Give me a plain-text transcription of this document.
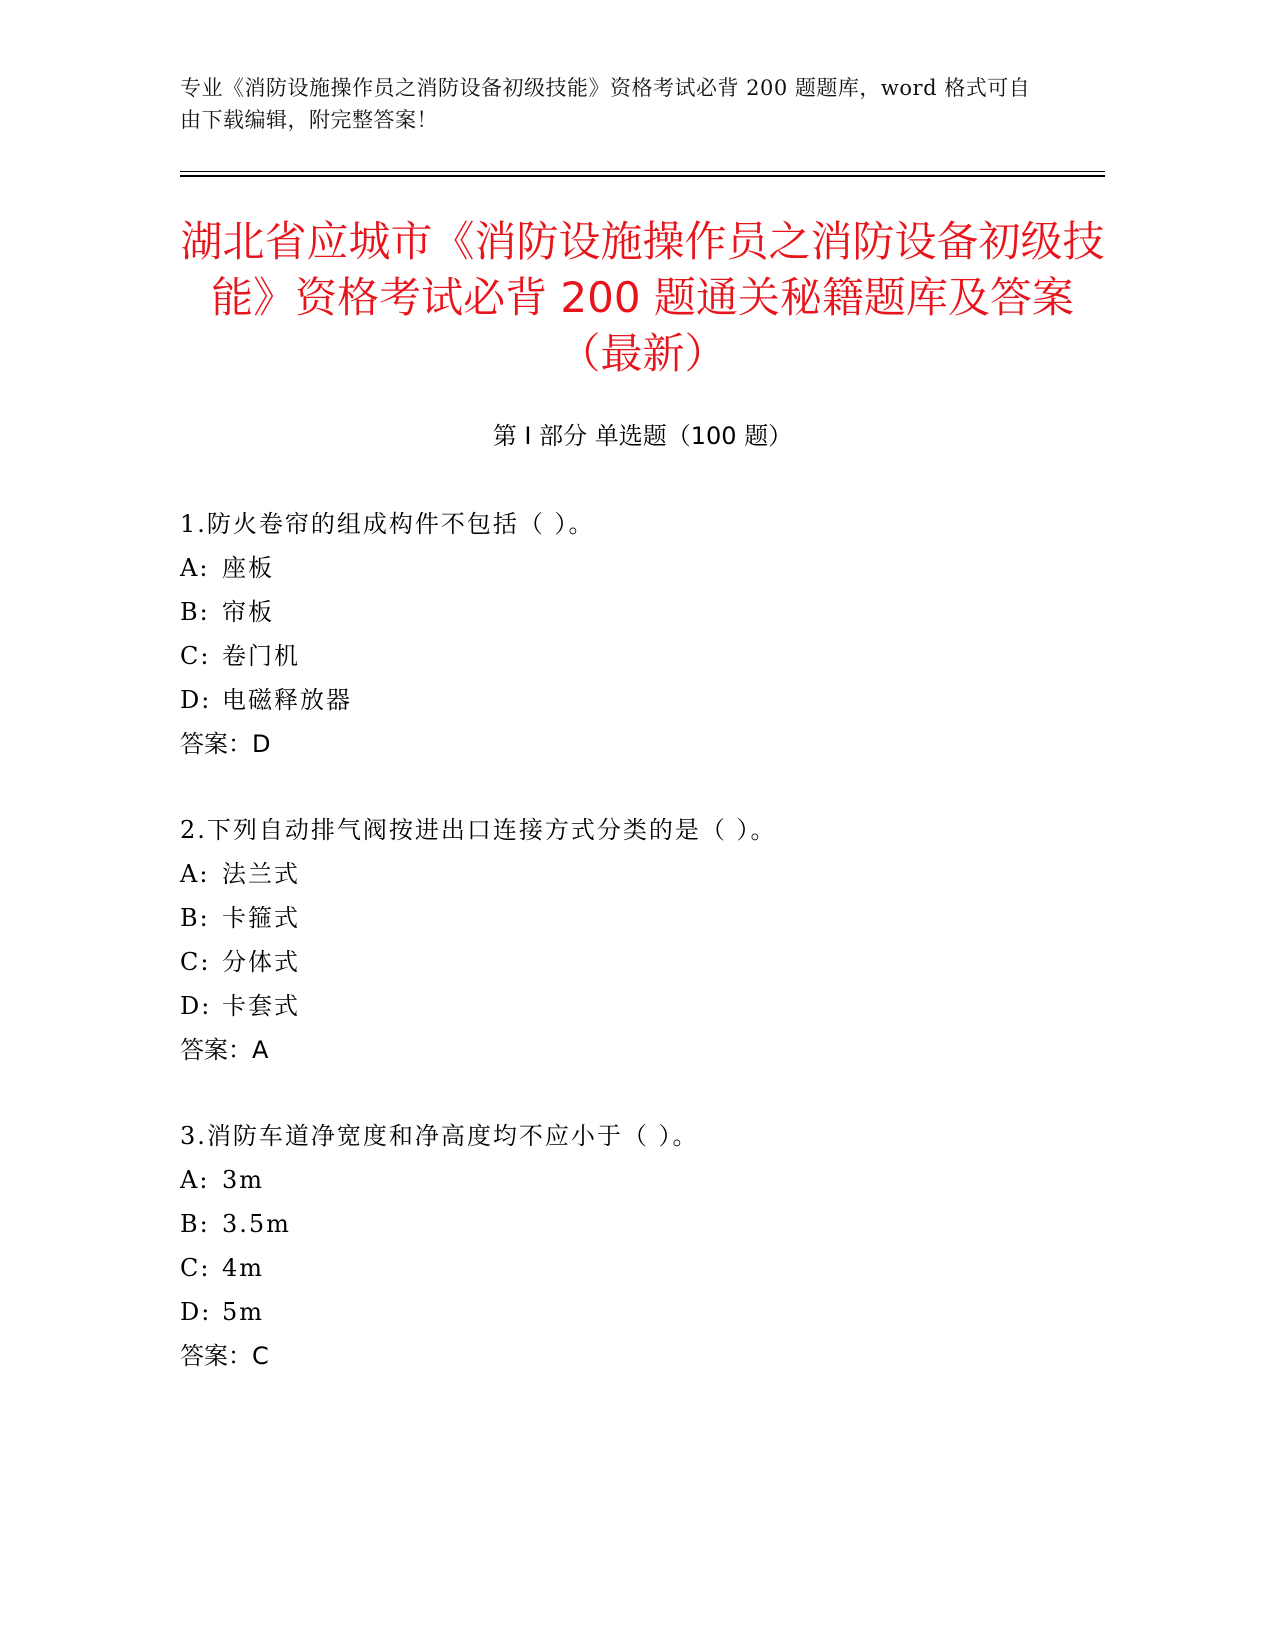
专业《消防设施操作员之消防设备初级技能》资格考试必背 200 题题库，word 格式可自由下载编辑，附完整答案！
湖北省应城市《消防设施操作员之消防设备初级技能》资格考试必背 200 题通关秘籍题库及答案（最新）
第 I 部分 单选题（100 题）
1.防火卷帘的组成构件不包括（ ）。
A: 座板
B: 帘板
C: 卷门机
D: 电磁释放器
答案：D
2.下列自动排气阀按进出口连接方式分类的是（ ）。
A: 法兰式
B: 卡箍式
C: 分体式
D: 卡套式
答案：A
3.消防车道净宽度和净高度均不应小于（ ）。
A: 3m
B: 3.5m
C: 4m
D: 5m
答案：C
